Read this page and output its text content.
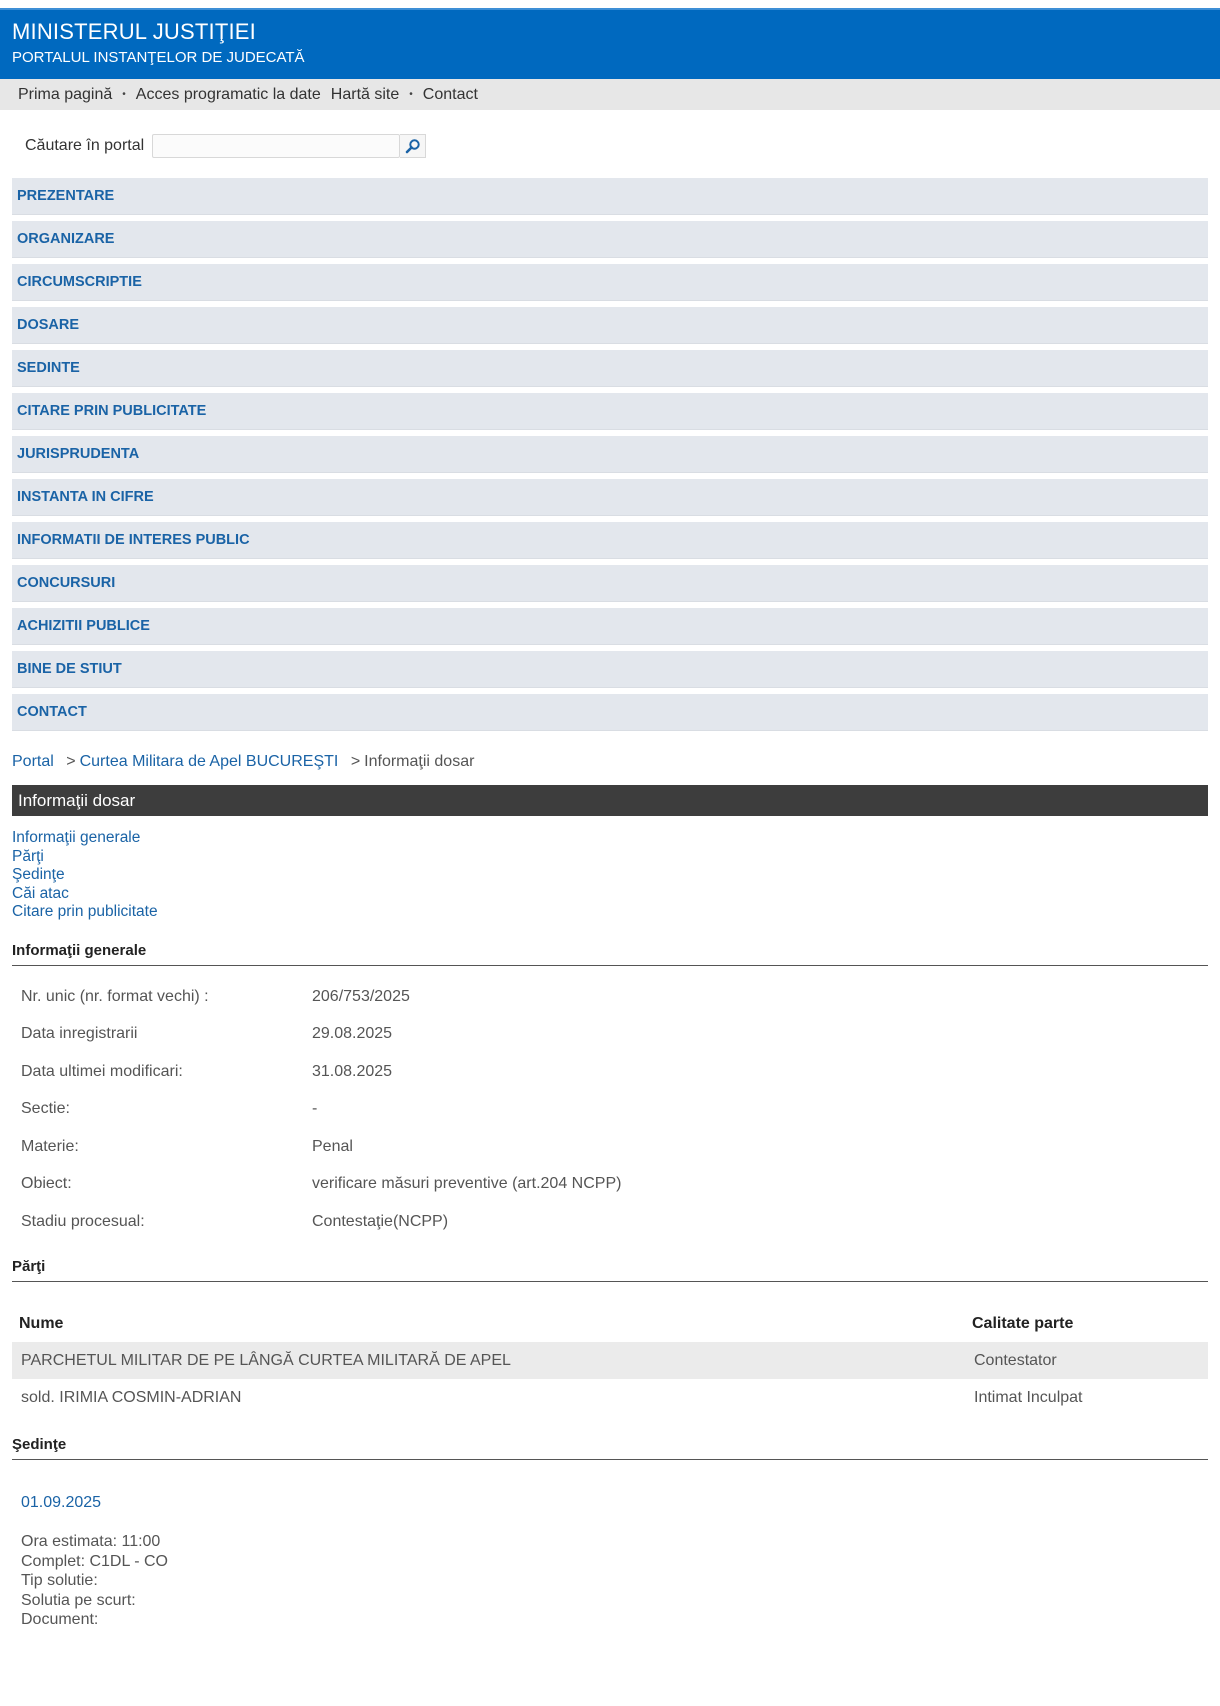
MINISTERUL JUSTIŢIEI
PORTALUL INSTANŢELOR DE JUDECATĂ
Prima pagină • Acces programatic la date Hartă site • Contact
Căutare în portal
PREZENTARE
ORGANIZARE
CIRCUMSCRIPTIE
DOSARE
SEDINTE
CITARE PRIN PUBLICITATE
JURISPRUDENTA
INSTANTA IN CIFRE
INFORMATII DE INTERES PUBLIC
CONCURSURI
ACHIZITII PUBLICE
BINE DE STIUT
CONTACT
Portal > Curtea Militara de Apel BUCUREŞTI > Informaţii dosar
Informaţii dosar
Informaţii generale
Părţi
Şedinţe
Căi atac
Citare prin publicitate
Informaţii generale
Nr. unic (nr. format vechi) :	206/753/2025
Data inregistrarii	29.08.2025
Data ultimei modificari:	31.08.2025
Sectie:	-
Materie:	Penal
Obiect:	verificare măsuri preventive (art.204 NCPP)
Stadiu procesual:	Contestaţie(NCPP)
Părţi
Nume	Calitate parte
PARCHETUL MILITAR DE PE LÂNGĂ CURTEA MILITARĂ DE APEL	Contestator
sold. IRIMIA COSMIN-ADRIAN	Intimat Inculpat
Şedinţe
01.09.2025
Ora estimata: 11:00
Complet: C1DL - CO
Tip solutie:
Solutia pe scurt:
Document:
